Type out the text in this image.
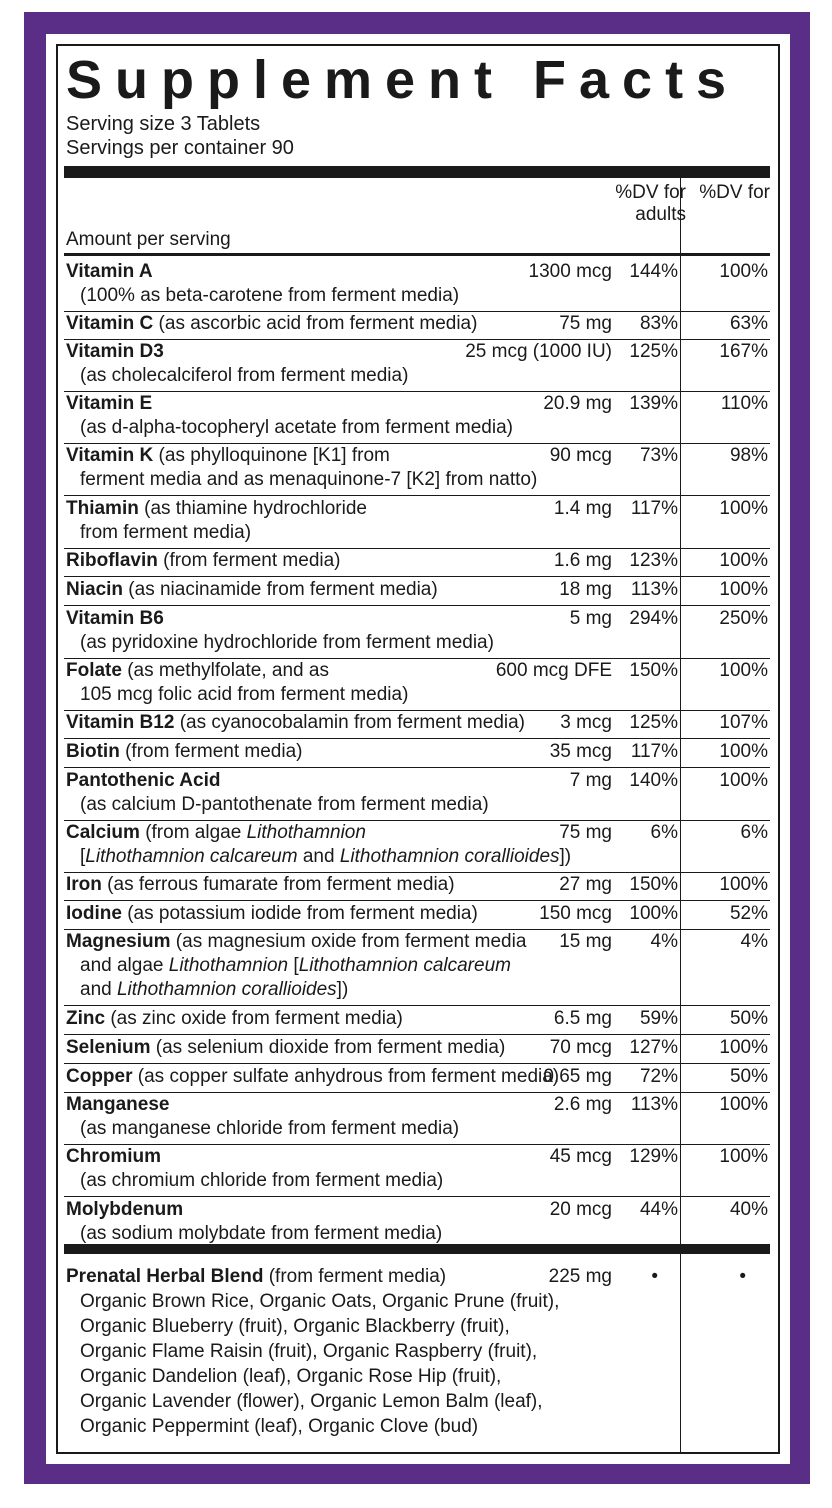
Supplement Facts
Serving size 3 Tablets
Servings per container 90
%DV for
adults
%DV for
Amount per serving
Vitamin A
(100% as beta-carotene from ferment media)
1300 mcg 144% 100%
Vitamin C (as ascorbic acid from ferment media)	75 mg 83%	63%
Vitamin D3
(as cholecalciferol from ferment media)
25 mcg (1000 IU) 125% 167%
Vitamin E
(as d-alpha-tocopheryl acetate from ferment media)
20.9 mg 139% 110%
Vitamin K (as phylloquinone [K1] from
ferment media and as menaquinone-7 [K2] from natto)
90 mcg 73%	98%
Thiamin (as thiamine hydrochloride
from ferment media)
1.4 mg 117% 100%
Riboflavin (from ferment media)	1.6 mg 123% 100%
Niacin (as niacinamide from ferment media)	18 mg 113% 100%
Vitamin B6
(as pyridoxine hydrochloride from ferment media)
5 mg 294% 250%
Folate (as methylfolate, and as
105 mcg folic acid from ferment media)
600 mcg DFE 150% 100%
Vitamin B12 (as cyanocobalamin from ferment media) 3 mcg 125% 107%
Biotin (from ferment media)	35 mcg 117% 100%
Pantothenic Acid
(as calcium D-pantothenate from ferment media)
7 mg 140% 100%
Calcium (from algae Lithothamnion
[Lithothamnion calcareum and Lithothamnion corallioides])
75 mg 6%	6%
Iron (as ferrous fumarate from ferment media)	27 mg 150% 100%
Iodine (as potassium iodide from ferment media)	150 mcg 100%	52%
Magnesium (as magnesium oxide from ferment media
and algae Lithothamnion [Lithothamnion calcareum
and Lithothamnion corallioides])
15 mg 4%	4%
Zinc (as zinc oxide from ferment media)	6.5 mg 59%	50%
Selenium (as selenium dioxide from ferment media) 70 mcg 127% 100%
Copper (as copper sulfate anhydrous from ferment media)
0.65 mg 72%	50%
Manganese
(as manganese chloride from ferment media)
2.6 mg 113% 100%
Chromium
(as chromium chloride from ferment media)
45 mcg 129% 100%
Molybdenum
(as sodium molybdate from ferment media)
20 mcg 44%	40%
Prenatal Herbal Blend (from ferment media)	225 mg •	•
Organic Brown Rice, Organic Oats, Organic Prune (fruit),
Organic Blueberry (fruit), Organic Blackberry (fruit),
Organic Flame Raisin (fruit), Organic Raspberry (fruit),
Organic Dandelion (leaf), Organic Rose Hip (fruit),
Organic Lavender (flower), Organic Lemon Balm (leaf),
Organic Peppermint (leaf), Organic Clove (bud)
